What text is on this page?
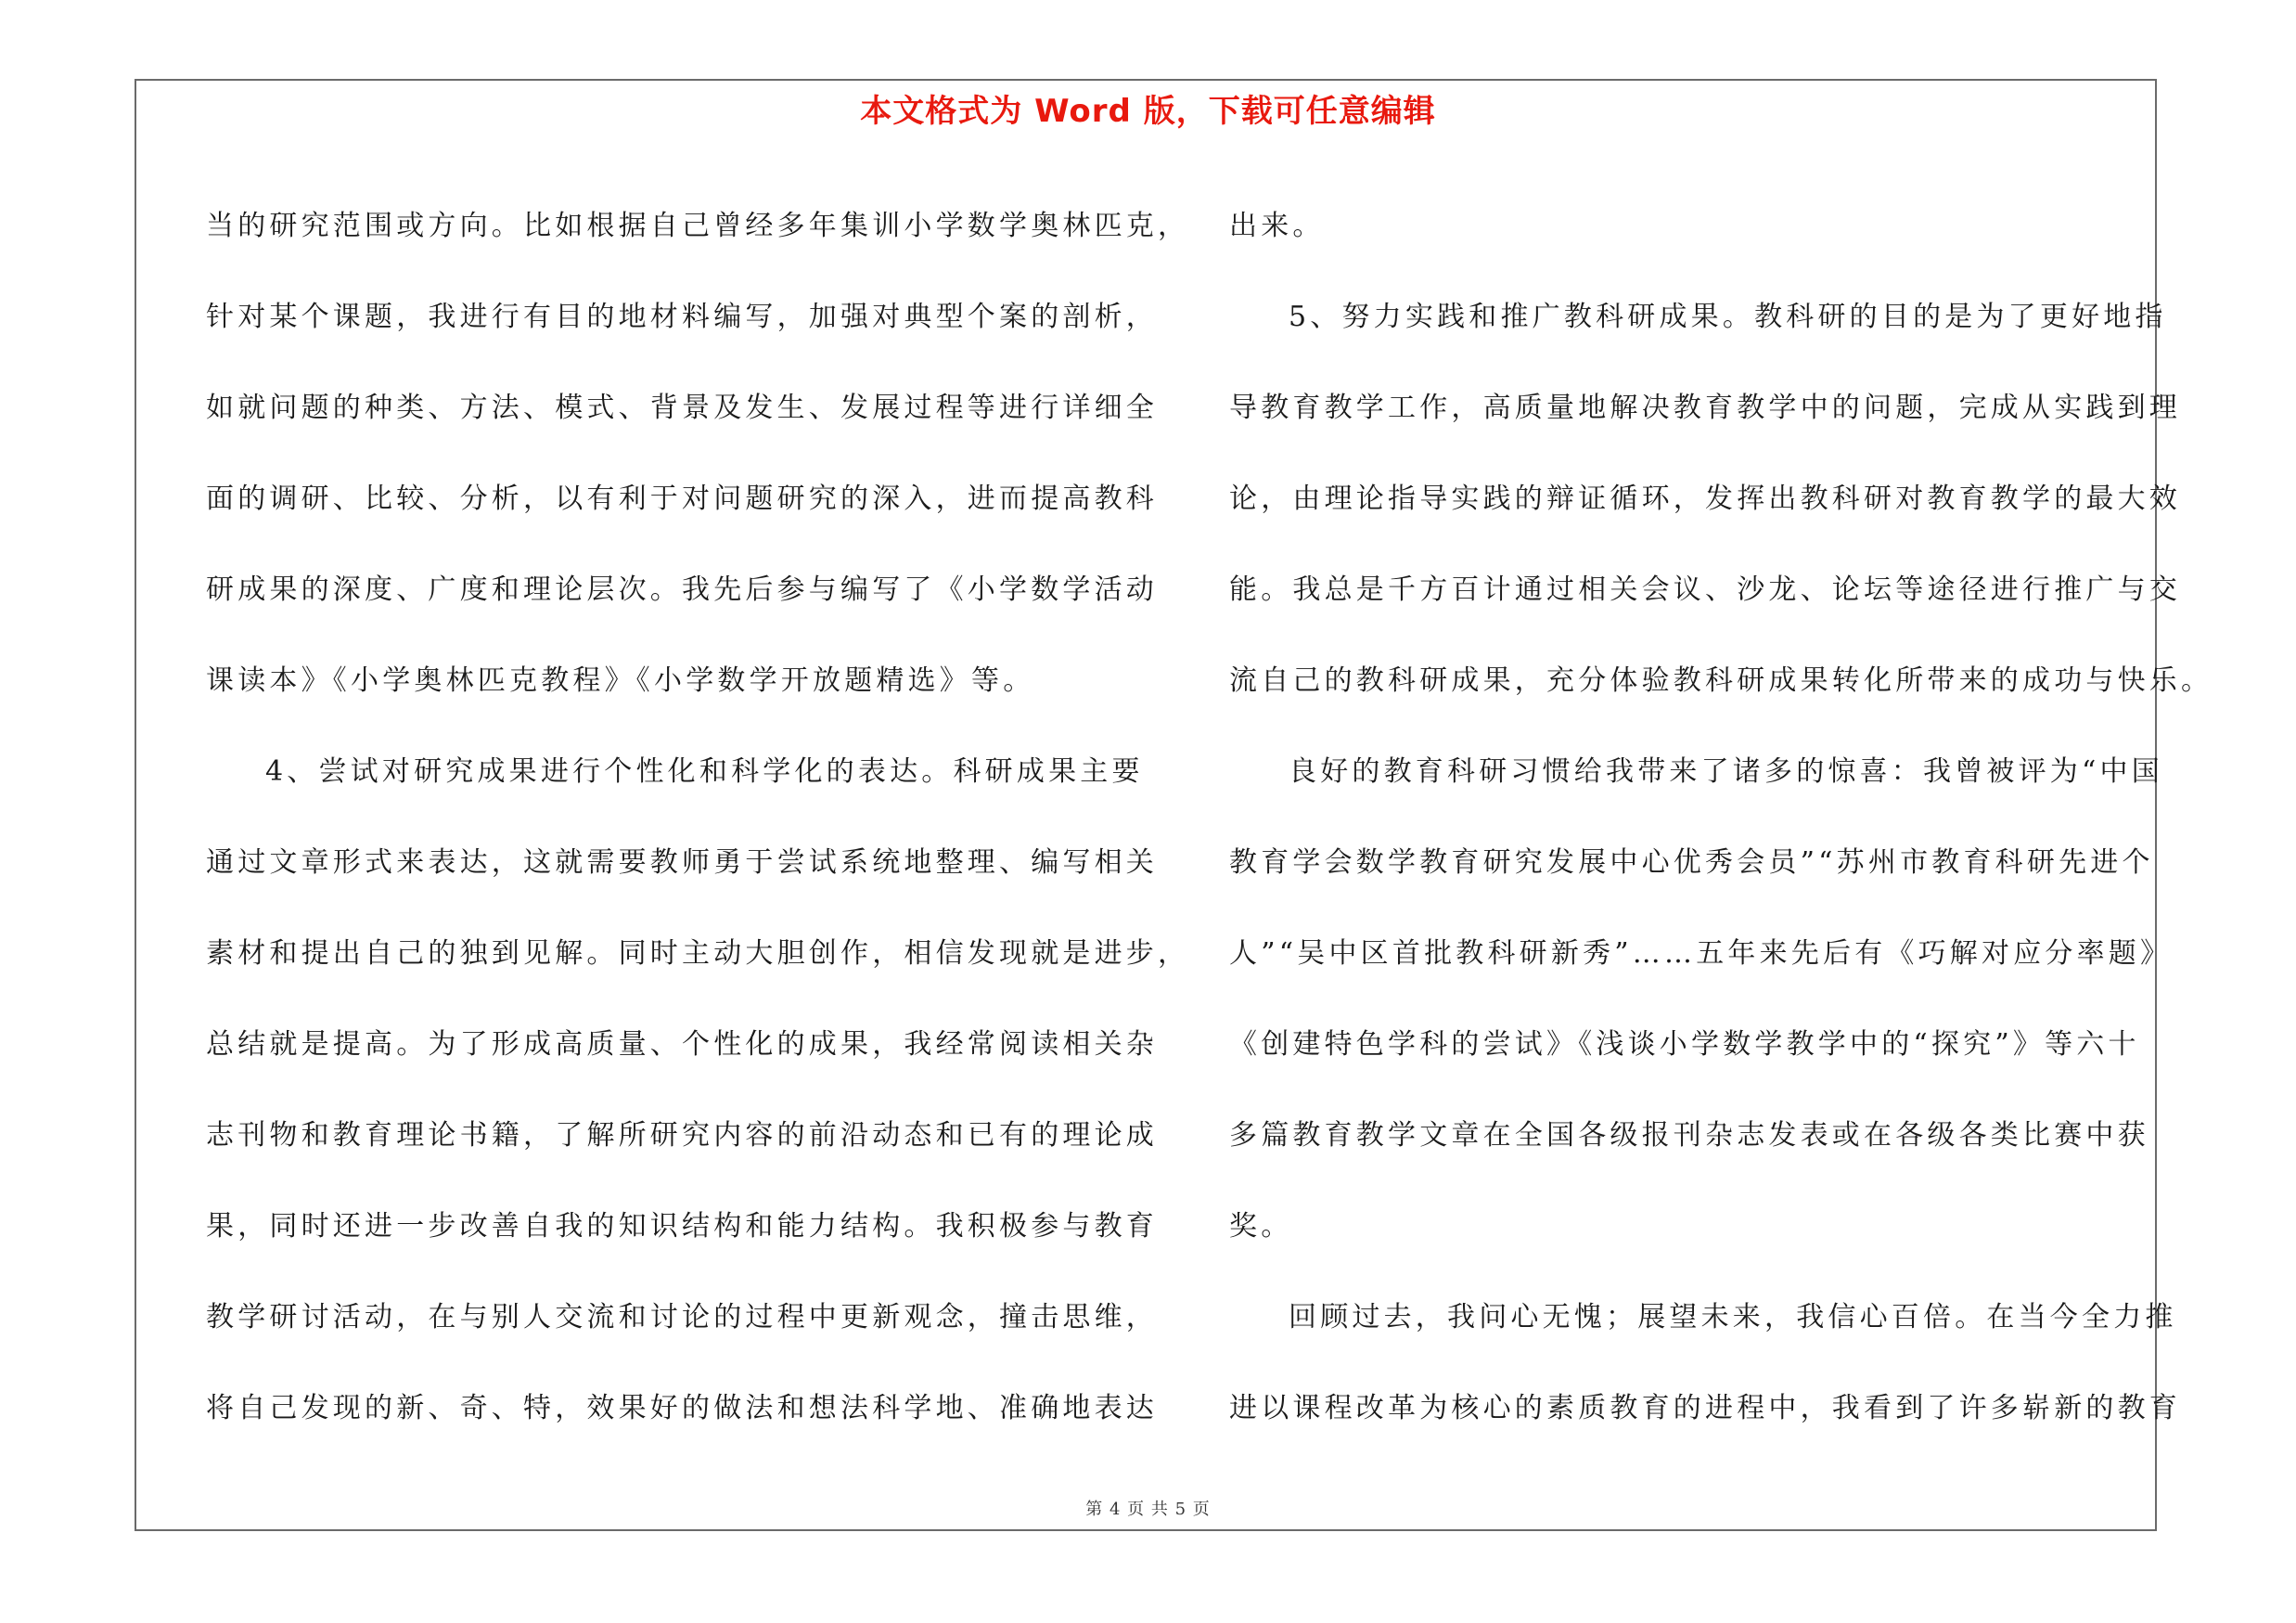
本文格式为 Word 版，下载可任意编辑
当的研究范围或方向。比如根据自己曾经多年集训小学数学奥林匹克，
针对某个课题，我进行有目的地材料编写，加强对典型个案的剖析，
如就问题的种类、方法、模式、背景及发生、发展过程等进行详细全
面的调研、比较、分析，以有利于对问题研究的深入，进而提高教科
研成果的深度、广度和理论层次。我先后参与编写了《小学数学活动
课读本》《小学奥林匹克教程》《小学数学开放题精选》等。
4、尝试对研究成果进行个性化和科学化的表达。科研成果主要
通过文章形式来表达，这就需要教师勇于尝试系统地整理、编写相关
素材和提出自己的独到见解。同时主动大胆创作，相信发现就是进步，
总结就是提高。为了形成高质量、个性化的成果，我经常阅读相关杂
志刊物和教育理论书籍，了解所研究内容的前沿动态和已有的理论成
果，同时还进一步改善自我的知识结构和能力结构。我积极参与教育
教学研讨活动，在与别人交流和讨论的过程中更新观念，撞击思维，
将自己发现的新、奇、特，效果好的做法和想法科学地、准确地表达
出来。
5、努力实践和推广教科研成果。教科研的目的是为了更好地指
导教育教学工作，高质量地解决教育教学中的问题，完成从实践到理
论，由理论指导实践的辩证循环，发挥出教科研对教育教学的最大效
能。我总是千方百计通过相关会议、沙龙、论坛等途径进行推广与交
流自己的教科研成果，充分体验教科研成果转化所带来的成功与快乐。
良好的教育科研习惯给我带来了诸多的惊喜：我曾被评为“中国
教育学会数学教育研究发展中心优秀会员”“苏州市教育科研先进个
人”“吴中区首批教科研新秀”……五年来先后有《巧解对应分率题》
《创建特色学科的尝试》《浅谈小学数学教学中的“探究”》等六十
多篇教育教学文章在全国各级报刊杂志发表或在各级各类比赛中获
奖。
回顾过去，我问心无愧；展望未来，我信心百倍。在当今全力推
进以课程改革为核心的素质教育的进程中，我看到了许多崭新的教育
第 4 页 共 5 页
